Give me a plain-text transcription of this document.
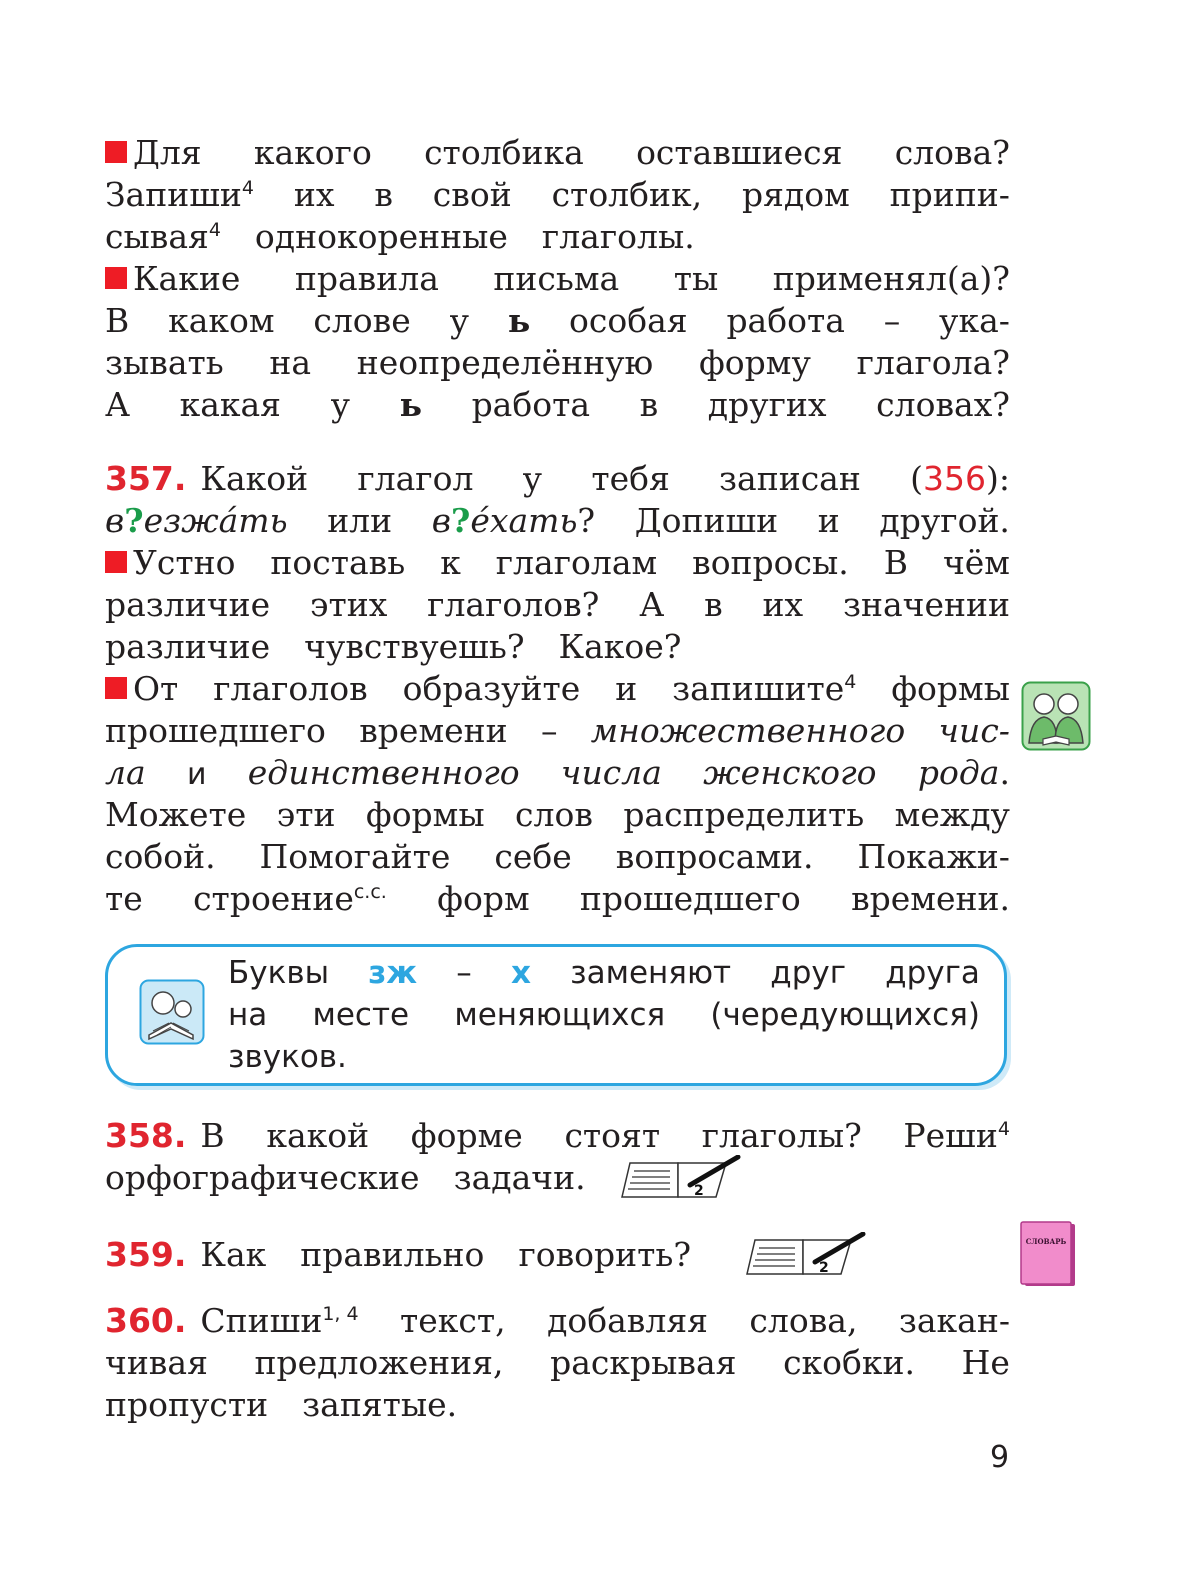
Для какого столбика оставшиеся слова?
Запиши$^4$ их в свой столбик, рядом припи-
сывая$^4$ однокоренные глаголы.
Какие правила письма ты применял(а)?
В каком слове у ь особая работа – ука-
зывать на неопределённую форму глагола?
А какая у ь работа в других словах?
357. Какой глагол у тебя записан (356):
в?езжáть или в?éхать? Допиши и другой.
Устно поставь к глаголам вопросы. В чём
различие этих глаголов? А в их значении
различие чувствуешь? Какое?
От глаголов образуйте и запишите$^4$ формы
прошедшего времени – множественного чис-
ла и единственного числа женского рода.
Можете эти формы слов распределить между
собой. Помогайте себе вопросами. Покажи-
те строение$^{с.с.}$ форм прошедшего времени.
Буквы зж – х заменяют друг друга
на месте меняющихся (чередующихся)
звуков.
358. В какой форме стоят глаголы? Реши$^4$
орфографические задачи.	2
359. Как правильно говорить?	2
СЛОВАРЬ
360. Спиши$^{1, 4}$ текст, добавляя слова, закан-
чивая предложения, раскрывая скобки. Не
пропусти запятые.
9
